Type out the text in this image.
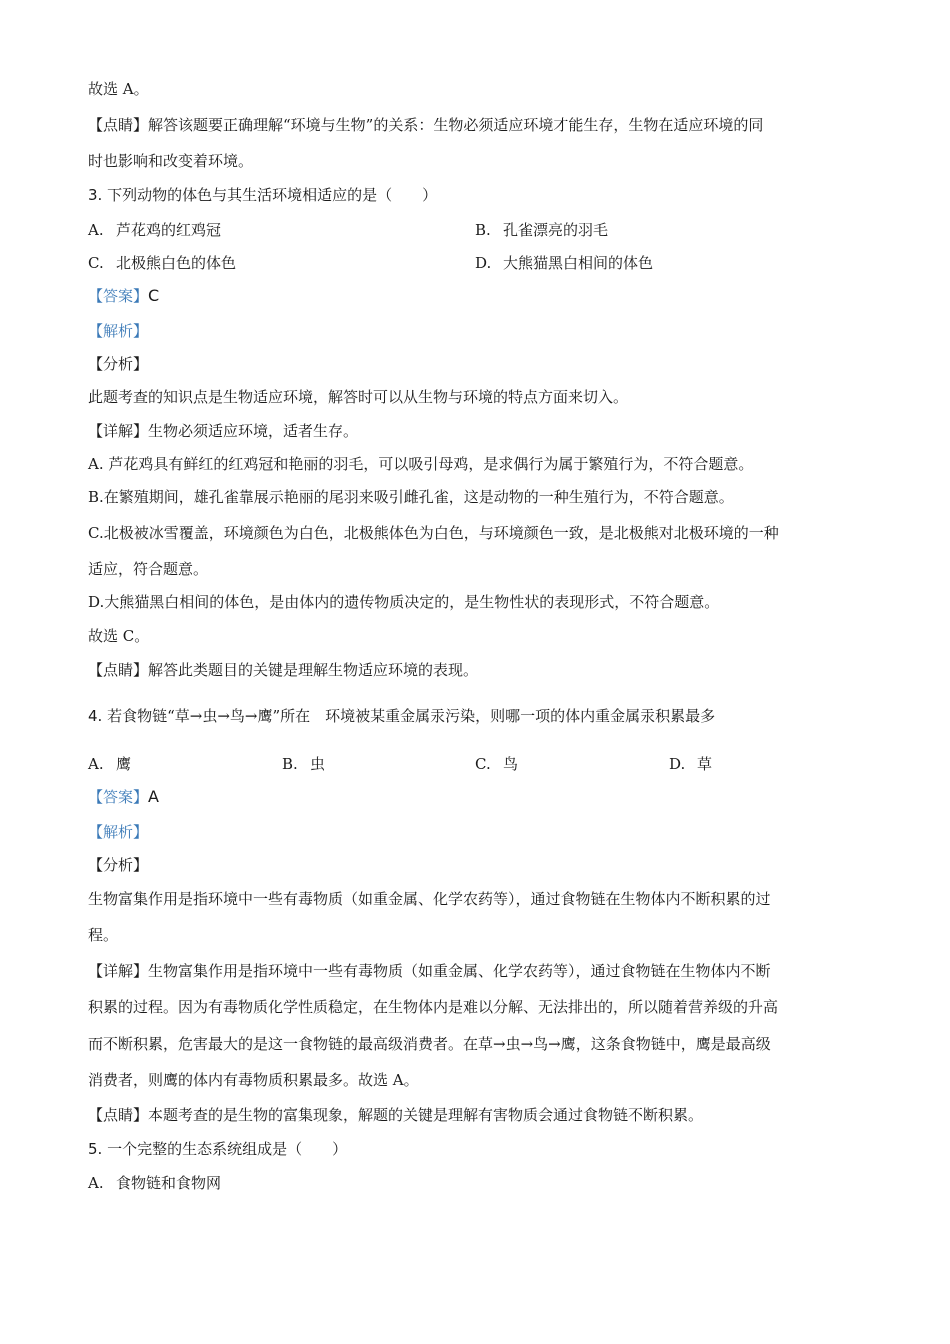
故选 A。
【点睛】解答该题要正确理解“环境与生物”的关系：生物必须适应环境才能生存，生物在适应环境的同
时也影响和改变着环境。
3. 下列动物的体色与其生活环境相适应的是（　　）
A. 芦花鸡的红鸡冠	B. 孔雀漂亮的羽毛
C. 北极熊白色的体色	D. 大熊猫黑白相间的体色
【答案】C
【解析】
【分析】
此题考查的知识点是生物适应环境，解答时可以从生物与环境的特点方面来切入。
【详解】生物必须适应环境，适者生存。
A. 芦花鸡具有鲜红的红鸡冠和艳丽的羽毛，可以吸引母鸡，是求偶行为属于繁殖行为，不符合题意。
B.在繁殖期间，雄孔雀靠展示艳丽的尾羽来吸引雌孔雀，这是动物的一种生殖行为，不符合题意。
C.北极被冰雪覆盖，环境颜色为白色，北极熊体色为白色，与环境颜色一致，是北极熊对北极环境的一种
适应，符合题意。
D.大熊猫黑白相间的体色，是由体内的遗传物质决定的，是生物性状的表现形式，不符合题意。
故选 C。
【点睛】解答此类题目的关键是理解生物适应环境的表现。
4. 若食物链“草→虫→鸟→鹰”所在　环境被某重金属汞污染，则哪一项的体内重金属汞积累最多
A. 鹰	B. 虫	C. 鸟	D. 草
【答案】A
【解析】
【分析】
生物富集作用是指环境中一些有毒物质（如重金属、化学农药等），通过食物链在生物体内不断积累的过
程。
【详解】生物富集作用是指环境中一些有毒物质（如重金属、化学农药等），通过食物链在生物体内不断
积累的过程。因为有毒物质化学性质稳定，在生物体内是难以分解、无法排出的，所以随着营养级的升高
而不断积累，危害最大的是这一食物链的最高级消费者。在草→虫→鸟→鹰，这条食物链中，鹰是最高级
消费者，则鹰的体内有毒物质积累最多。故选 A。
【点睛】本题考查的是生物的富集现象，解题的关键是理解有害物质会通过食物链不断积累。
5. 一个完整的生态系统组成是（　　）
A. 食物链和食物网
